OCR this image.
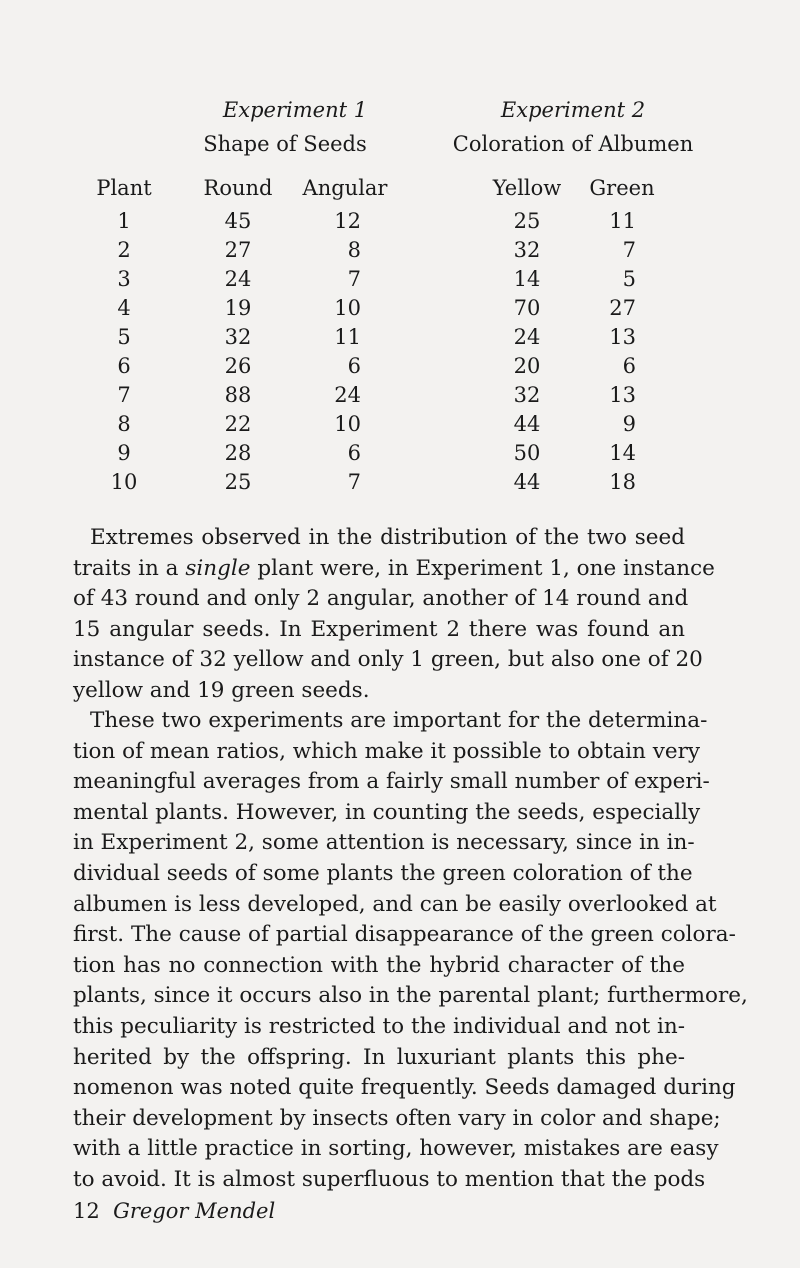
Experiment 1	Experiment 2
Shape of Seeds	Coloration of Albumen
Plant Round Angular	Yellow Green
1	45	12	25	11
2	27	8	32	7
3	24	7	14	5
4	19	10	70	27
5	32	11	24	13
6	26	6	20	6
7	88	24	32	13
8	22	10	44	9
9	28	6	50	14
10	25	7	44	18
Extremes observed in the distribution of the two seed
traits in a single plant were, in Experiment 1, one instance
of 43 round and only 2 angular, another of 14 round and
15 angular seeds. In Experiment 2 there was found an
instance of 32 yellow and only 1 green, but also one of 20
yellow and 19 green seeds.
These two experiments are important for the determina-
tion of mean ratios, which make it possible to obtain very
meaningful averages from a fairly small number of experi-
mental plants. However, in counting the seeds, especially
in Experiment 2, some attention is necessary, since in in-
dividual seeds of some plants the green coloration of the
albumen is less developed, and can be easily overlooked at
first. The cause of partial disappearance of the green colora-
tion has no connection with the hybrid character of the
plants, since it occurs also in the parental plant; furthermore,
this peculiarity is restricted to the individual and not in-
herited by the offspring. In luxuriant plants this phe-
nomenon was noted quite frequently. Seeds damaged during
their development by insects often vary in color and shape;
with a little practice in sorting, however, mistakes are easy
to avoid. It is almost superfluous to mention that the pods
12 Gregor Mendel
